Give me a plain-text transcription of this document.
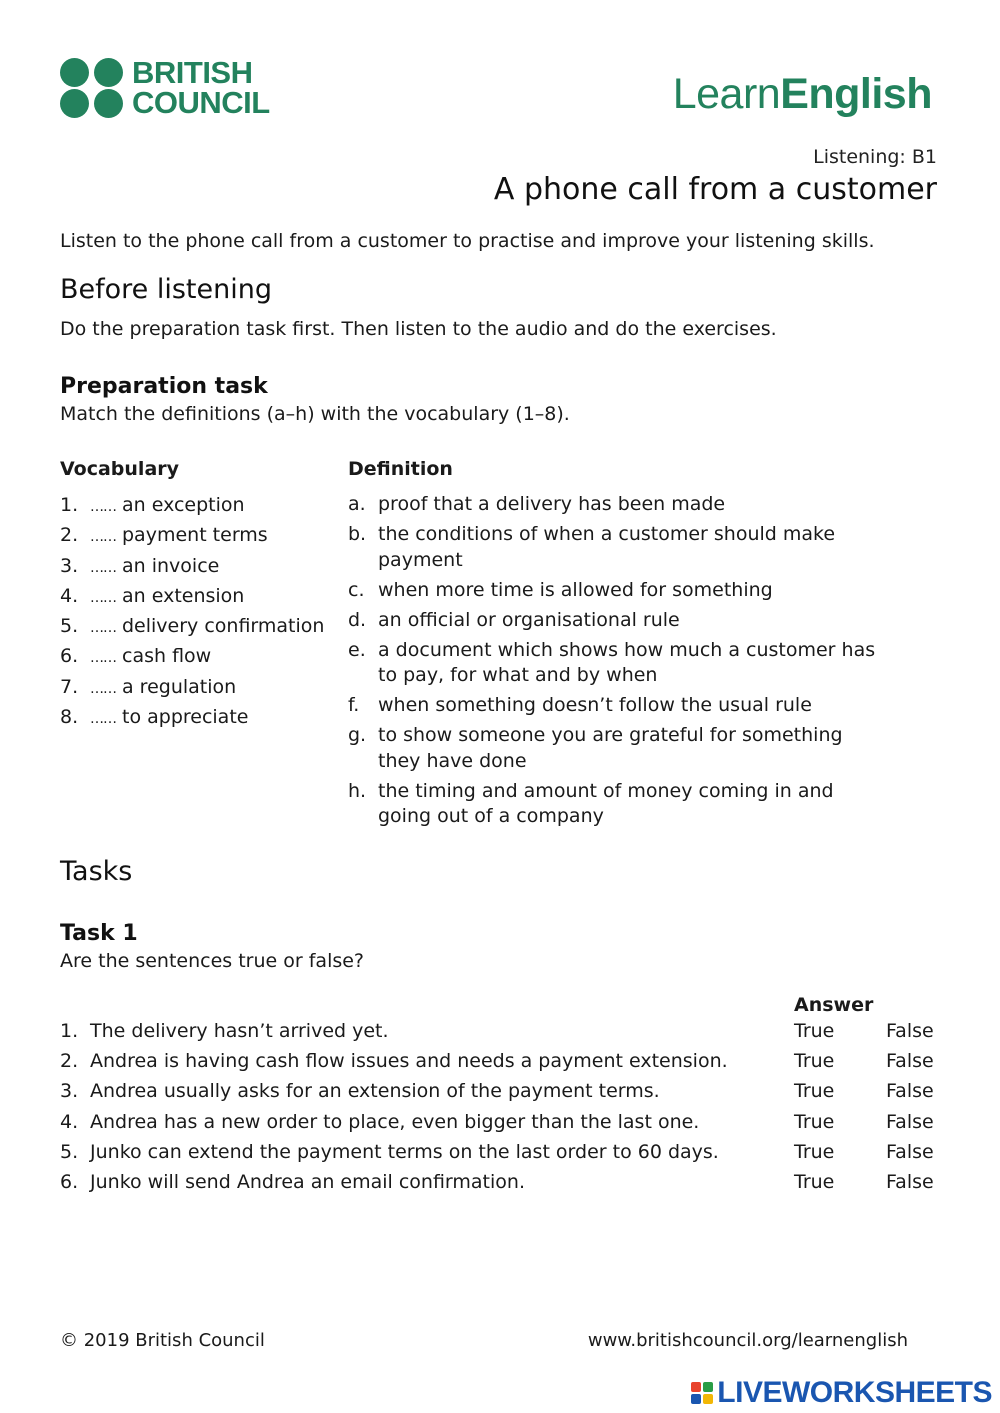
BRITISH
COUNCIL	LearnEnglish
Listening: B1
A phone call from a customer
Listen to the phone call from a customer to practise and improve your listening skills.
Before listening
Do the preparation task first. Then listen to the audio and do the exercises.
Preparation task
Match the definitions (a–h) with the vocabulary (1–8).
Vocabulary	Definition
1. …… an exception
2. …… payment terms
3. …… an invoice
4. …… an extension
5. …… delivery confirmation
6. …… cash flow
7. …… a regulation
8. …… to appreciate
a. proof that a delivery has been made
b. the conditions of when a customer should make payment
c. when more time is allowed for something
d. an official or organisational rule
e. a document which shows how much a customer has to pay, for what and by when
f. when something doesn’t follow the usual rule
g. to show someone you are grateful for something they have done
h. the timing and amount of money coming in and going out of a company
Tasks
Task 1
Are the sentences true or false?
Answer
1. The delivery hasn’t arrived yet.	True	False
2. Andrea is having cash flow issues and needs a payment extension.	True	False
3. Andrea usually asks for an extension of the payment terms.	True	False
4. Andrea has a new order to place, even bigger than the last one.	True	False
5. Junko can extend the payment terms on the last order to 60 days.	True	False
6. Junko will send Andrea an email confirmation.	True	False
© 2019 British Council	www.britishcouncil.org/learnenglish
LIVEWORKSHEETS
